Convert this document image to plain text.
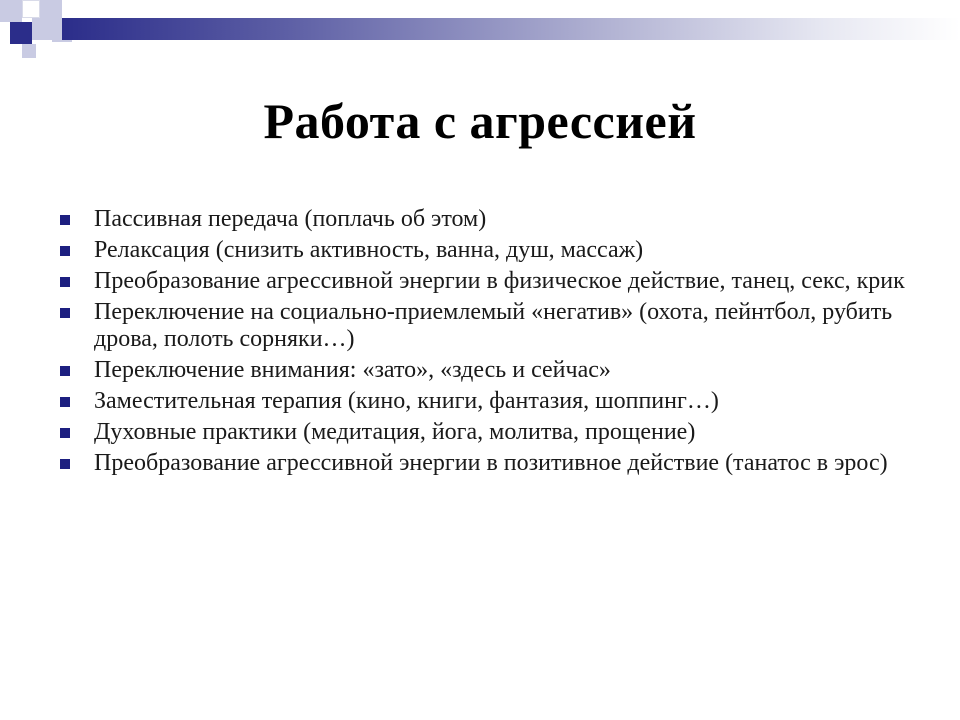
Работа с агрессией
Пассивная передача (поплачь об этом)
Релаксация (снизить активность, ванна, душ, массаж)
Преобразование агрессивной энергии в физическое действие, танец, секс, крик
Переключение на социально-приемлемый «негатив» (охота, пейнтбол, рубить дрова, полоть сорняки…)
Переключение внимания: «зато», «здесь и сейчас»
Заместительная терапия (кино, книги, фантазия, шоппинг…)
Духовные практики (медитация, йога, молитва, прощение)
Преобразование агрессивной энергии в позитивное действие (танатос в эрос)
